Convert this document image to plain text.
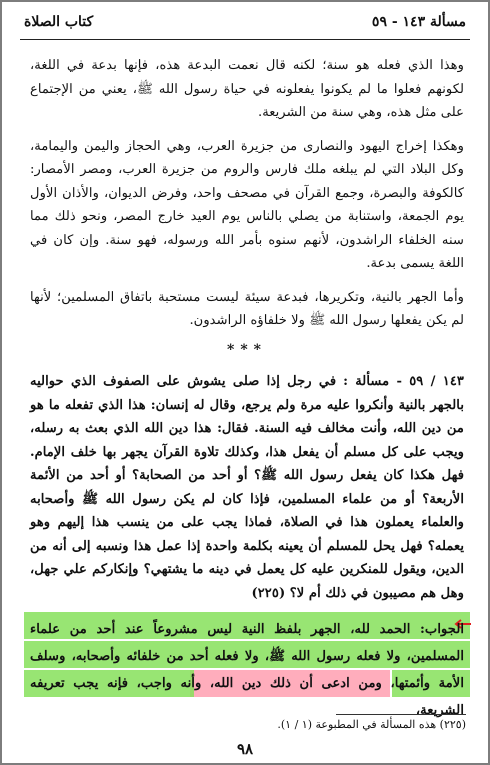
مسألة ١٤٣ - ٥٩
كتاب الصلاة

وهذا الذي فعله هو سنة؛ لكنه قال نعمت البدعة هذه، فإنها بدعة في اللغة، لكونهم فعلوا ما لم يكونوا يفعلونه في حياة رسول الله ﷺ، يعني من الإجتماع على مثل هذه، وهي سنة من الشريعة.

وهكذا إخراج اليهود والنصارى من جزيرة العرب، وهي الحجاز واليمن واليمامة، وكل البلاد التي لم يبلغه ملك فارس والروم من جزيرة العرب، ومصر الأمصار: كالكوفة والبصرة، وجمع القرآن في مصحف واحد، وفرض الديوان، والأذان الأول يوم الجمعة، واستنابة من يصلي بالناس يوم العيد خارج المصر، ونحو ذلك مما سنه الخلفاء الراشدون، لأنهم سنوه بأمر الله ورسوله، فهو سنة. وإن كان في اللغة يسمى بدعة.

وأما الجهر بالنية، وتكريرها، فبدعة سيئة ليست مستحبة باتفاق المسلمين؛ لأنها لم يكن يفعلها رسول الله ﷺ ولا خلفاؤه الراشدون.

***

١٤٣ / ٥٩ - مسألة : في رجل إذا صلى يشوش على الصفوف الذي حواليه بالجهر بالنية وأنكروا عليه مرة ولم يرجع، وقال له إنسان: هذا الذي تفعله ما هو من دين الله، وأنت مخالف فيه السنة. فقال: هذا دين الله الذي بعث به رسله، ويجب على كل مسلم أن يفعل هذا، وكذلك تلاوة القرآن يجهر بها خلف الإمام. فهل هكذا كان يفعل رسول الله ﷺ؟ أو أحد من الصحابة؟ أو أحد من الأئمة الأربعة؟ أو من علماء المسلمين، فإذا كان لم يكن رسول الله ﷺ وأصحابه والعلماء يعملون هذا في الصلاة، فماذا يجب على من ينسب هذا إليهم وهو يعمله؟ فهل يحل للمسلم أن يعينه بكلمة واحدة إذا عمل هذا ونسبه إلى أنه من الدين، ويقول للمنكرين عليه كل يعمل في دينه ما يشتهي؟ وإنكاركم علي جهل، وهل هم مصيبون في ذلك أم لا؟ (٢٢٥)

الجواب: الحمد لله، الجهر بلفظ النية ليس مشروعاً عند أحد من علماء المسلمين، ولا فعله رسول الله ﷺ، ولا فعله أحد من خلفائه وأصحابه، وسلف الأمة وأئمتها، ومن ادعى أن ذلك دين الله، وأنه واجب، فإنه يجب تعريفه الشريعة،
(٢٢٥) هذه المسألة في المطبوعة (١ / ١).
٩٨
